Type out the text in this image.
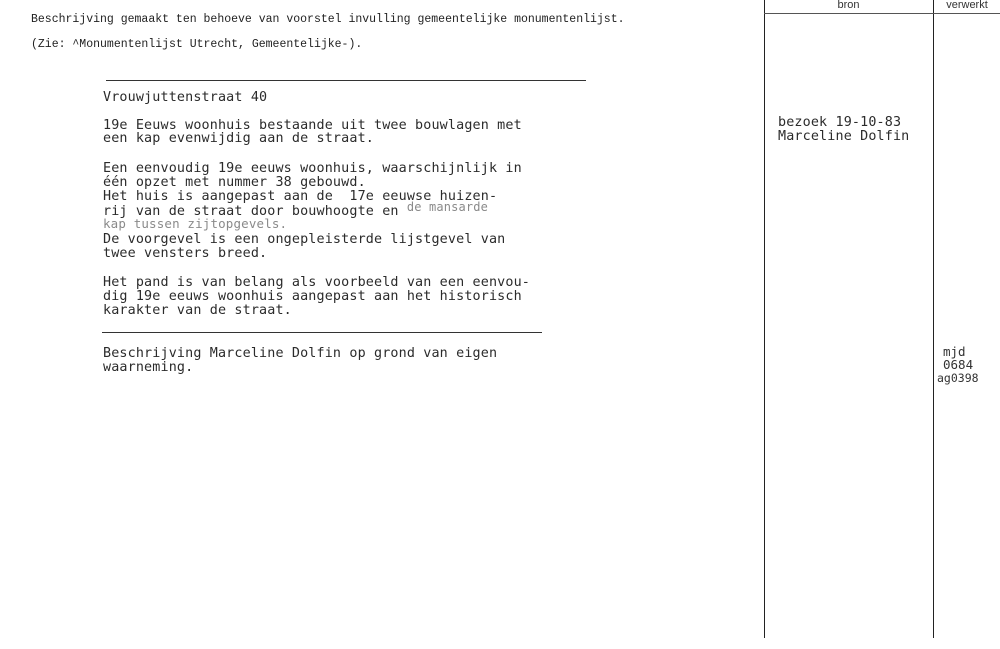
Beschrijving gemaakt ten behoeve van voorstel invulling gemeentelijke monumentenlijst.
(Zie: ^Monumentenlijst Utrecht, Gemeentelijke-).
bron	verwerkt
Vrouwjuttenstraat 40
19e Eeuws woonhuis bestaande uit twee bouwlagen met
een kap evenwijdig aan de straat.
Een eenvoudig 19e eeuws woonhuis, waarschijnlijk in
één opzet met nummer 38 gebouwd.
Het huis is aangepast aan de  17e eeuwse huizen-
rij van de straat door bouwhoogte en de mansarde
kap tussen zijtopgevels.
De voorgevel is een ongepleisterde lijstgevel van
twee vensters breed.
Het pand is van belang als voorbeeld van een eenvou-
dig 19e eeuws woonhuis aangepast aan het historisch
karakter van de straat.
Beschrijving Marceline Dolfin op grond van eigen
waarneming.
bezoek 19-10-83
Marceline Dolfin
mjd
0684
ag0398
